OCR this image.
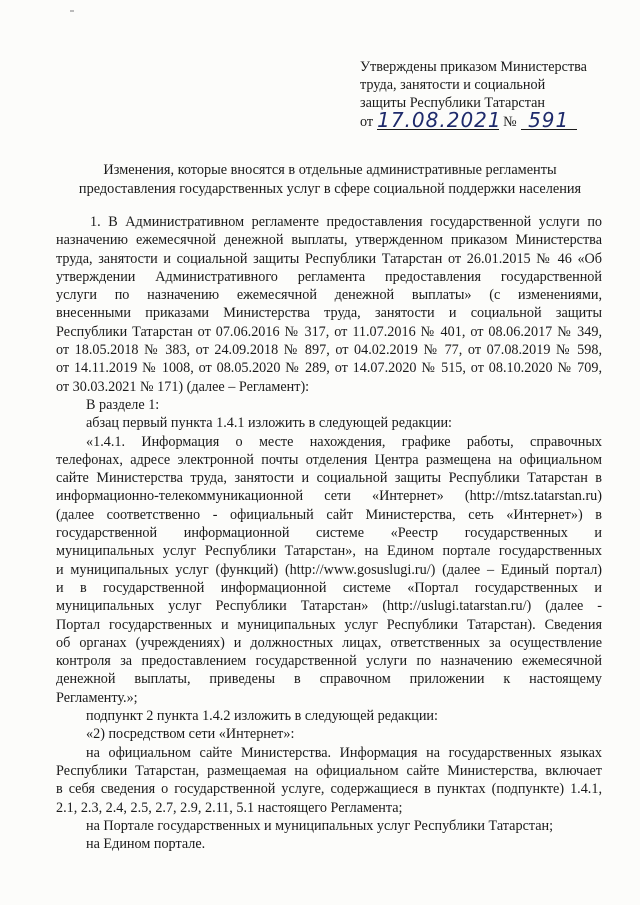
Утверждены приказом Министерства
труда, занятости и социальной
защиты Республики Татарстан
от 17.08.2021 № 591
Изменения, которые вносятся в отдельные административные регламенты
предоставления государственных услуг в сфере социальной поддержки населения

1. В Административном регламенте предоставления государственной услуги по
назначению ежемесячной денежной выплаты, утвержденном приказом Министерства
труда, занятости и социальной защиты Республики Татарстан от 26.01.2015 № 46 «Об
утверждении Административного регламента предоставления государственной
услуги по назначению ежемесячной денежной выплаты» (с изменениями,
внесенными приказами Министерства труда, занятости и социальной защиты
Республики Татарстан от 07.06.2016 № 317, от 11.07.2016 № 401, от 08.06.2017 № 349,
от 18.05.2018 № 383, от 24.09.2018 № 897, от 04.02.2019 № 77, от 07.08.2019 № 598,
от 14.11.2019 № 1008, от 08.05.2020 № 289, от 14.07.2020 № 515, от 08.10.2020 № 709,
от 30.03.2021 № 171) (далее – Регламент):

В разделе 1:
абзац первый пункта 1.4.1 изложить в следующей редакции:

«1.4.1. Информация о месте нахождения, графике работы, справочных
телефонах, адресе электронной почты отделения Центра размещена на официальном
сайте Министерства труда, занятости и социальной защиты Республики Татарстан в
информационно-телекоммуникационной сети «Интернет» (http://mtsz.tatarstan.ru)
(далее соответственно - официальный сайт Министерства, сеть «Интернет») в
государственной информационной системе «Реестр государственных и
муниципальных услуг Республики Татарстан», на Едином портале государственных
и муниципальных услуг (функций) (http://www.gosuslugi.ru/) (далее – Единый портал)
и в государственной информационной системе «Портал государственных и
муниципальных услуг Республики Татарстан» (http://uslugi.tatarstan.ru/) (далее -
Портал государственных и муниципальных услуг Республики Татарстан). Сведения
об органах (учреждениях) и должностных лицах, ответственных за осуществление
контроля за предоставлением государственной услуги по назначению ежемесячной
денежной выплаты, приведены в справочном приложении к настоящему
Регламенту.»;

подпункт 2 пункта 1.4.2 изложить в следующей редакции:
«2) посредством сети «Интернет»:

на официальном сайте Министерства. Информация на государственных языках
Республики Татарстан, размещаемая на официальном сайте Министерства, включает
в себя сведения о государственной услуге, содержащиеся в пунктах (подпункте) 1.4.1,
2.1, 2.3, 2.4, 2.5, 2.7, 2.9, 2.11, 5.1 настоящего Регламента;

на Портале государственных и муниципальных услуг Республики Татарстан;
на Едином портале.
